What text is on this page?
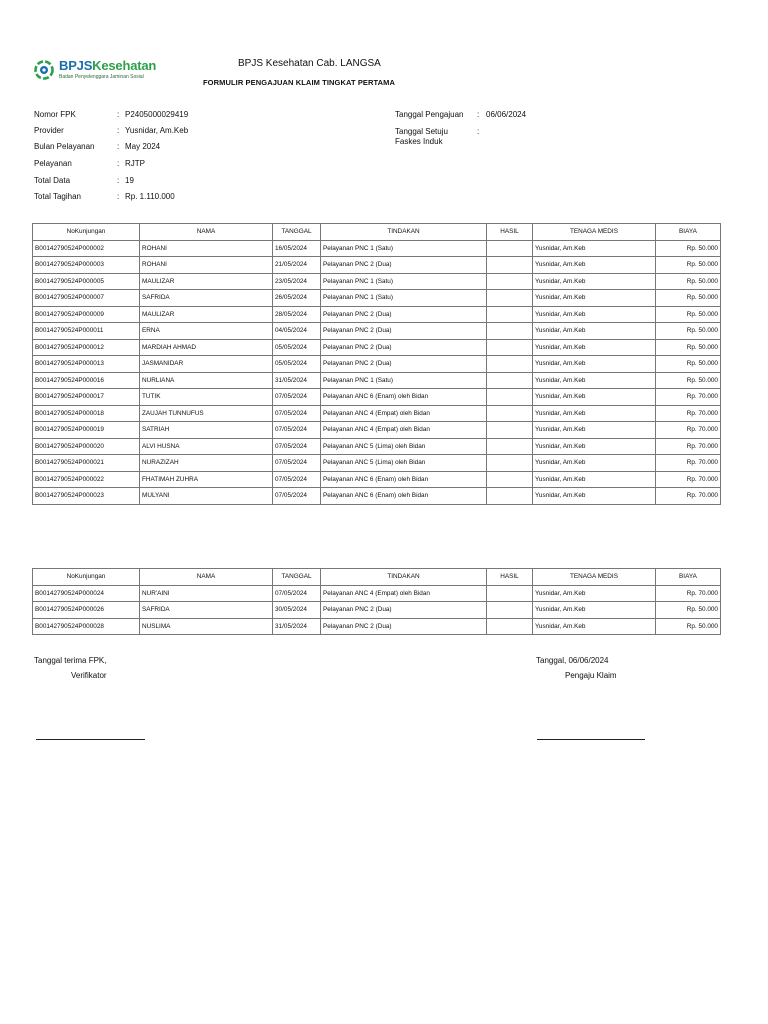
BPJSKesehatan
Badan Penyelenggara Jaminan Sosial
BPJS Kesehatan Cab. LANGSA
FORMULIR PENGAJUAN KLAIM TINGKAT PERTAMA
Nomor FPK	: P2405000029419
Provider	: Yusnidar, Am.Keb
Bulan Pelayanan	: May 2024
Pelayanan	: RJTP
Total Data	: 19
Total Tagihan	: Rp. 1.110.000
Tanggal Pengajuan : 06/06/2024
Tanggal Setuju	:
Faskes Induk
NoKunjungan	NAMA	TANGGAL	TINDAKAN	HASIL	TENAGA MEDIS	BIAYA
B00142790524P000002	ROHANI	16/05/2024	Pelayanan PNC 1 (Satu)		Yusnidar, Am.Keb	Rp. 50.000
B00142790524P000003	ROHANI	21/05/2024	Pelayanan PNC 2 (Dua)		Yusnidar, Am.Keb	Rp. 50.000
B00142790524P000005	MAULIZAR	23/05/2024	Pelayanan PNC 1 (Satu)		Yusnidar, Am.Keb	Rp. 50.000
B00142790524P000007	SAFRIDA	26/05/2024	Pelayanan PNC 1 (Satu)		Yusnidar, Am.Keb	Rp. 50.000
B00142790524P000009	MAULIZAR	28/05/2024	Pelayanan PNC 2 (Dua)		Yusnidar, Am.Keb	Rp. 50.000
B00142790524P000011	ERNA	04/05/2024	Pelayanan PNC 2 (Dua)		Yusnidar, Am.Keb	Rp. 50.000
B00142790524P000012	MARDIAH AHMAD	05/05/2024	Pelayanan PNC 2 (Dua)		Yusnidar, Am.Keb	Rp. 50.000
B00142790524P000013	JASMANIDAR	05/05/2024	Pelayanan PNC 2 (Dua)		Yusnidar, Am.Keb	Rp. 50.000
B00142790524P000016	NURLIANA	31/05/2024	Pelayanan PNC 1 (Satu)		Yusnidar, Am.Keb	Rp. 50.000
B00142790524P000017	TUTIK	07/05/2024	Pelayanan ANC 6 (Enam) oleh Bidan		Yusnidar, Am.Keb	Rp. 70.000
B00142790524P000018	ZAUJAH TUNNUFUS	07/05/2024	Pelayanan ANC 4 (Empat) oleh Bidan		Yusnidar, Am.Keb	Rp. 70.000
B00142790524P000019	SATRIAH	07/05/2024	Pelayanan ANC 4 (Empat) oleh Bidan		Yusnidar, Am.Keb	Rp. 70.000
B00142790524P000020	ALVI HUSNA	07/05/2024	Pelayanan ANC 5 (Lima) oleh Bidan		Yusnidar, Am.Keb	Rp. 70.000
B00142790524P000021	NURAZIZAH	07/05/2024	Pelayanan ANC 5 (Lima) oleh Bidan		Yusnidar, Am.Keb	Rp. 70.000
B00142790524P000022	FHATIMAH ZUHRA	07/05/2024	Pelayanan ANC 6 (Enam) oleh Bidan		Yusnidar, Am.Keb	Rp. 70.000
B00142790524P000023	MULYANI	07/05/2024	Pelayanan ANC 6 (Enam) oleh Bidan		Yusnidar, Am.Keb	Rp. 70.000
NoKunjungan	NAMA	TANGGAL	TINDAKAN	HASIL	TENAGA MEDIS	BIAYA
B00142790524P000024	NUR'AINI	07/05/2024	Pelayanan ANC 4 (Empat) oleh Bidan		Yusnidar, Am.Keb	Rp. 70.000
B00142790524P000026	SAFRIDA	30/05/2024	Pelayanan PNC 2 (Dua)		Yusnidar, Am.Keb	Rp. 50.000
B00142790524P000028	NUSLIMA	31/05/2024	Pelayanan PNC 2 (Dua)		Yusnidar, Am.Keb	Rp. 50.000
Tanggal terima FPK,
Verifikator
Tanggal, 06/06/2024
Pengaju Klaim
